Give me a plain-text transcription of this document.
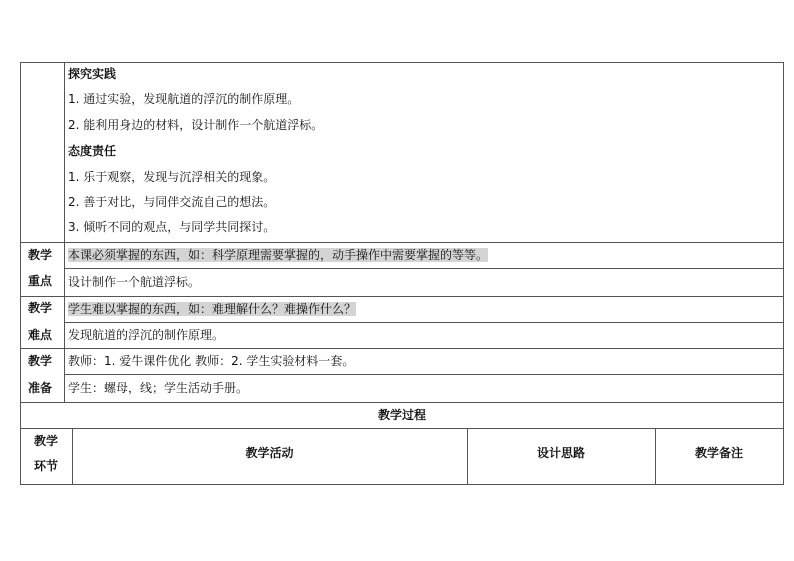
探究实践
1. 通过实验，发现航道的浮沉的制作原理。
2. 能利用身边的材料，设计制作一个航道浮标。
态度责任
1. 乐于观察，发现与沉浮相关的现象。
2. 善于对比，与同伴交流自己的想法。
3. 倾听不同的观点，与同学共同探讨。
教学
重点
本课必须掌握的东西，如：科学原理需要掌握的，动手操作中需要掌握的等等。
设计制作一个航道浮标。
教学
难点
学生难以掌握的东西，如：难理解什么？难操作什么？
发现航道的浮沉的制作原理。
教学
准备
教师：1. 爱牛课件优化 教师：2. 学生实验材料一套。
学生：螺母，线；学生活动手册。
教学过程
教学
环节
教学活动	设计思路	教学备注
